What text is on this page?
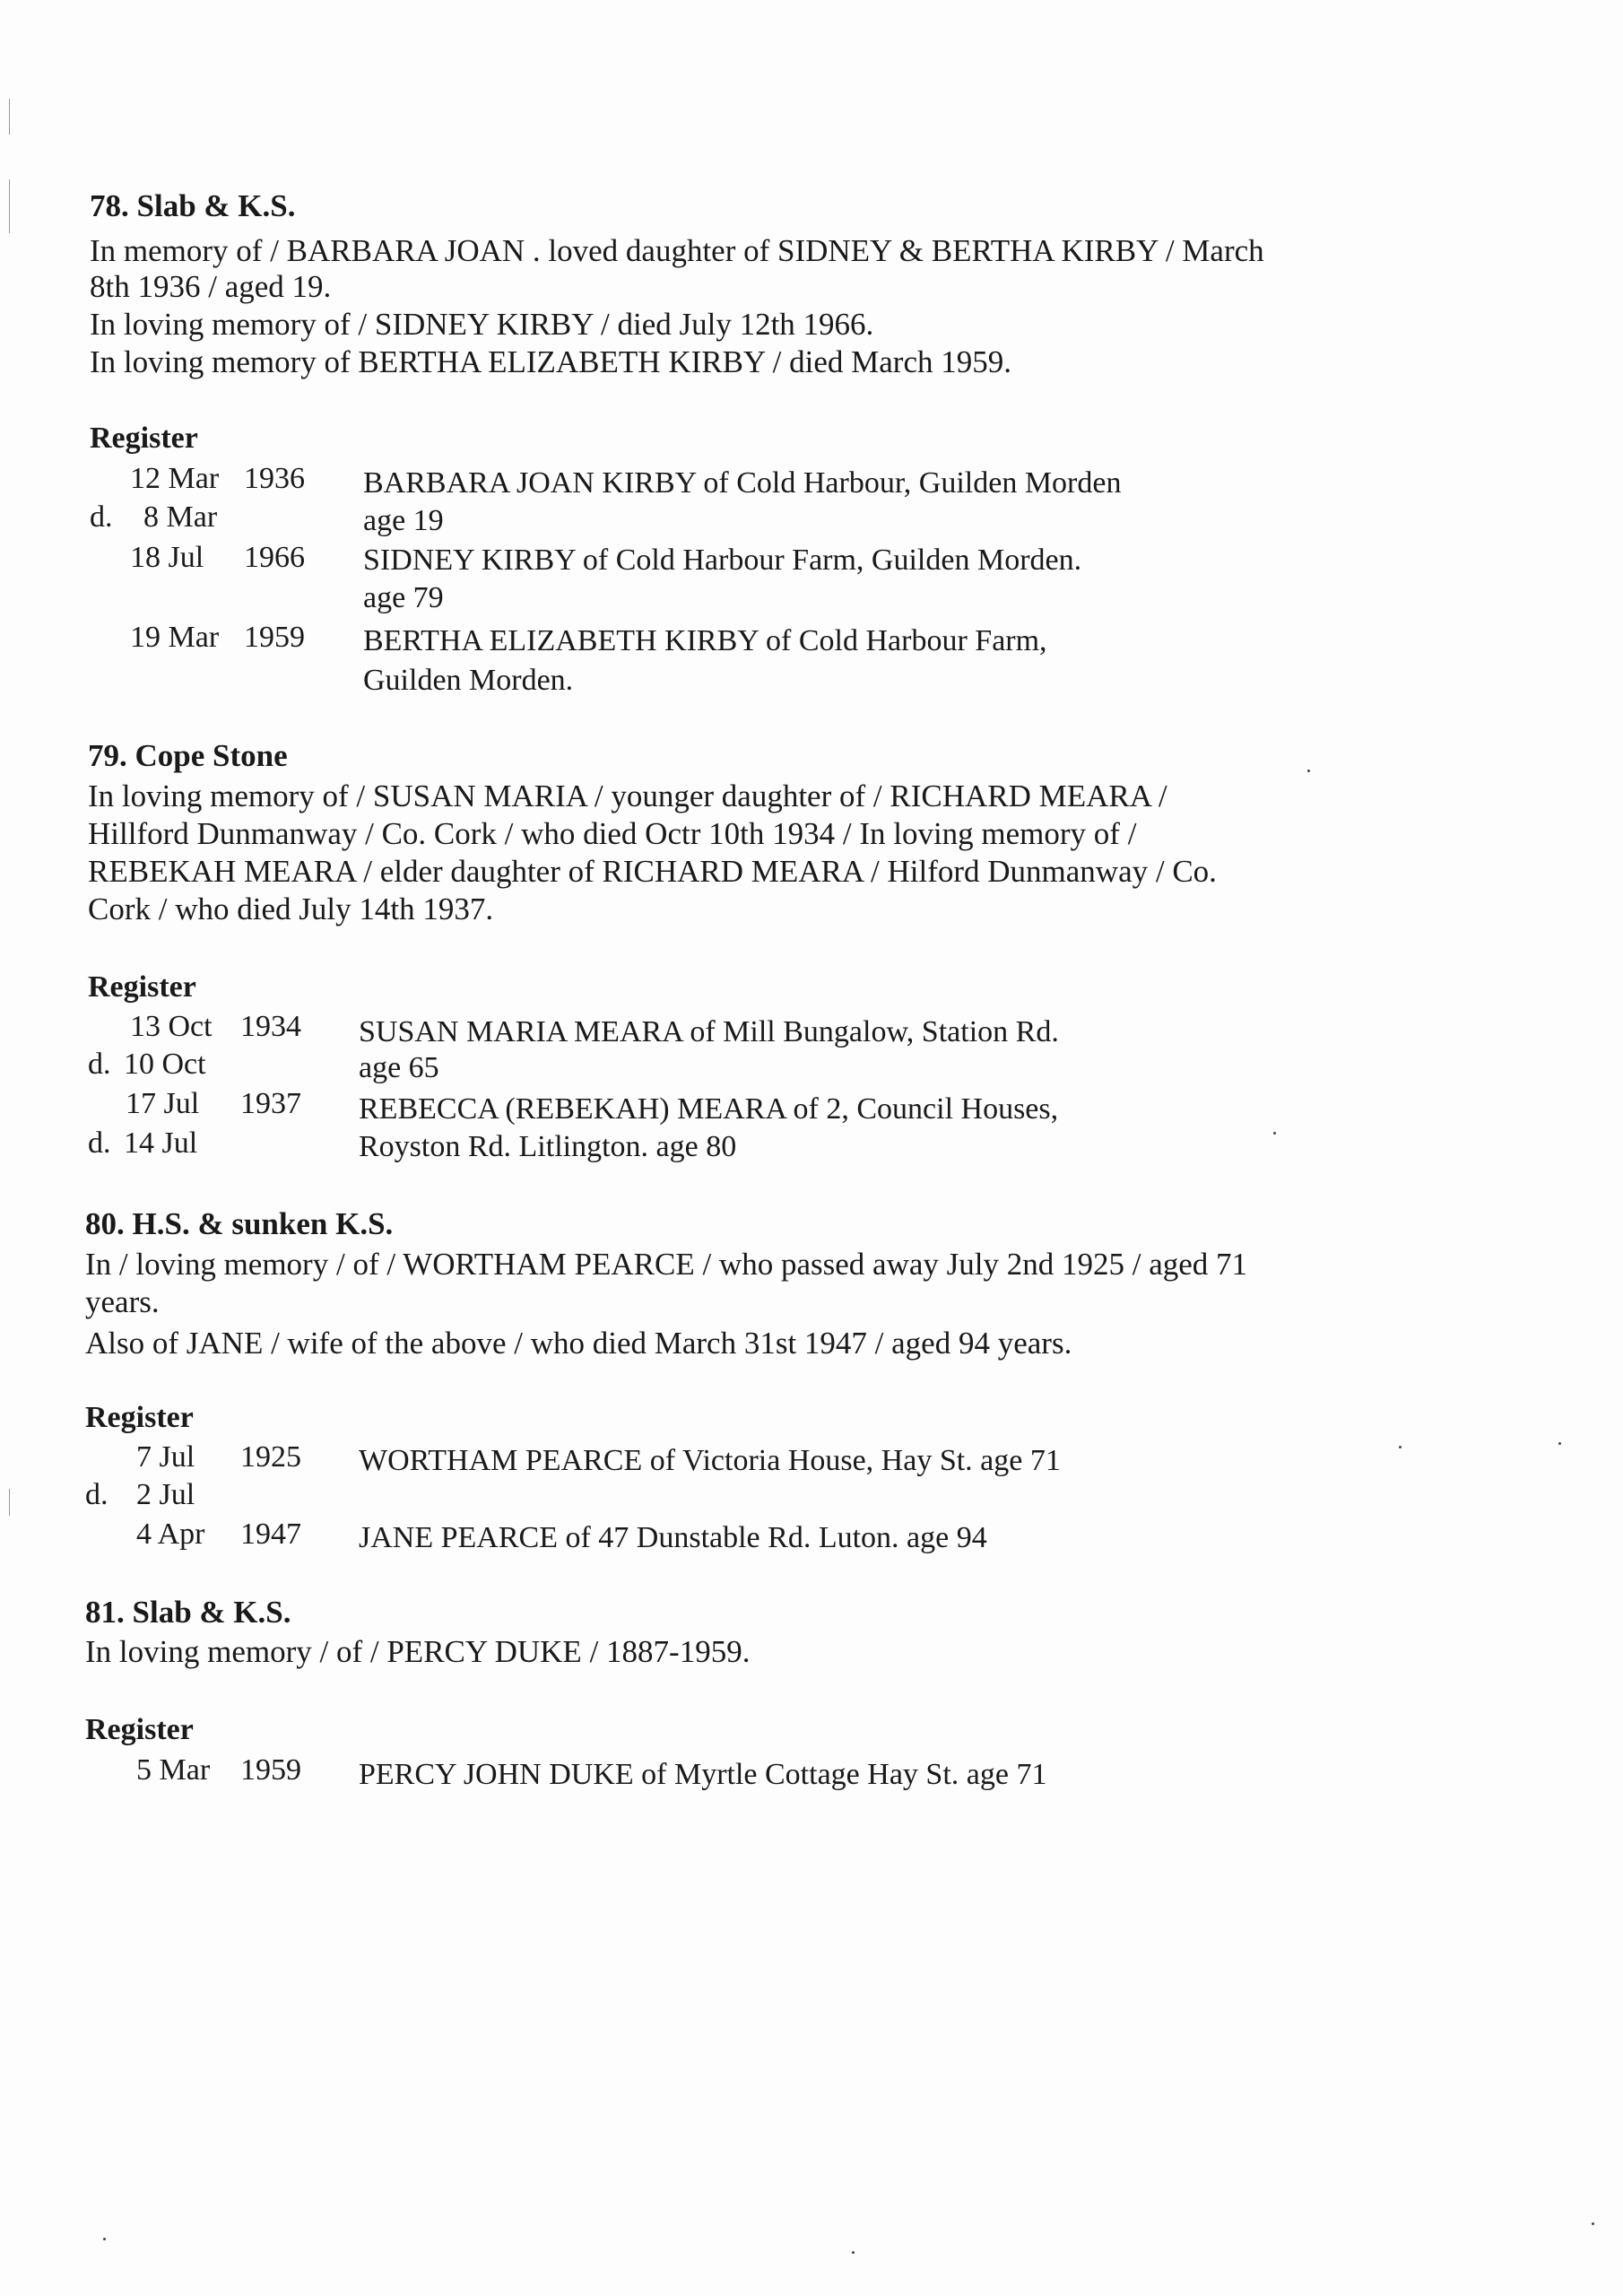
78. Slab & K.S.
In memory of / BARBARA JOAN . loved daughter of SIDNEY & BERTHA KIRBY / March
8th 1936 / aged 19.
In loving memory of / SIDNEY KIRBY / died July 12th 1966.
In loving memory of BERTHA ELIZABETH KIRBY / died March 1959.
Register
12 Mar 1936 BARBARA JOAN KIRBY of Cold Harbour, Guilden Morden
d. 8 Mar	age 19
18 Jul 1966 SIDNEY KIRBY of Cold Harbour Farm, Guilden Morden.
age 79
19 Mar 1959 BERTHA ELIZABETH KIRBY of Cold Harbour Farm,
Guilden Morden.
79. Cope Stone
In loving memory of / SUSAN MARIA / younger daughter of / RICHARD MEARA /
Hillford Dunmanway / Co. Cork / who died Octr 10th 1934 / In loving memory of /
REBEKAH MEARA / elder daughter of RICHARD MEARA / Hilford Dunmanway / Co.
Cork / who died July 14th 1937.
Register
13 Oct 1934 SUSAN MARIA MEARA of Mill Bungalow, Station Rd.
d. 10 Oct	age 65
17 Jul 1937 REBECCA (REBEKAH) MEARA of 2, Council Houses,
d. 14 Jul	Royston Rd. Litlington. age 80
80. H.S. & sunken K.S.
In / loving memory / of / WORTHAM PEARCE / who passed away July 2nd 1925 / aged 71
years.
Also of JANE / wife of the above / who died March 31st 1947 / aged 94 years.
Register
7 Jul 1925 WORTHAM PEARCE of Victoria House, Hay St. age 71
d. 2 Jul
4 Apr 1947 JANE PEARCE of 47 Dunstable Rd. Luton. age 94
81. Slab & K.S.
In loving memory / of / PERCY DUKE / 1887-1959.
Register
5 Mar 1959 PERCY JOHN DUKE of Myrtle Cottage Hay St. age 71
